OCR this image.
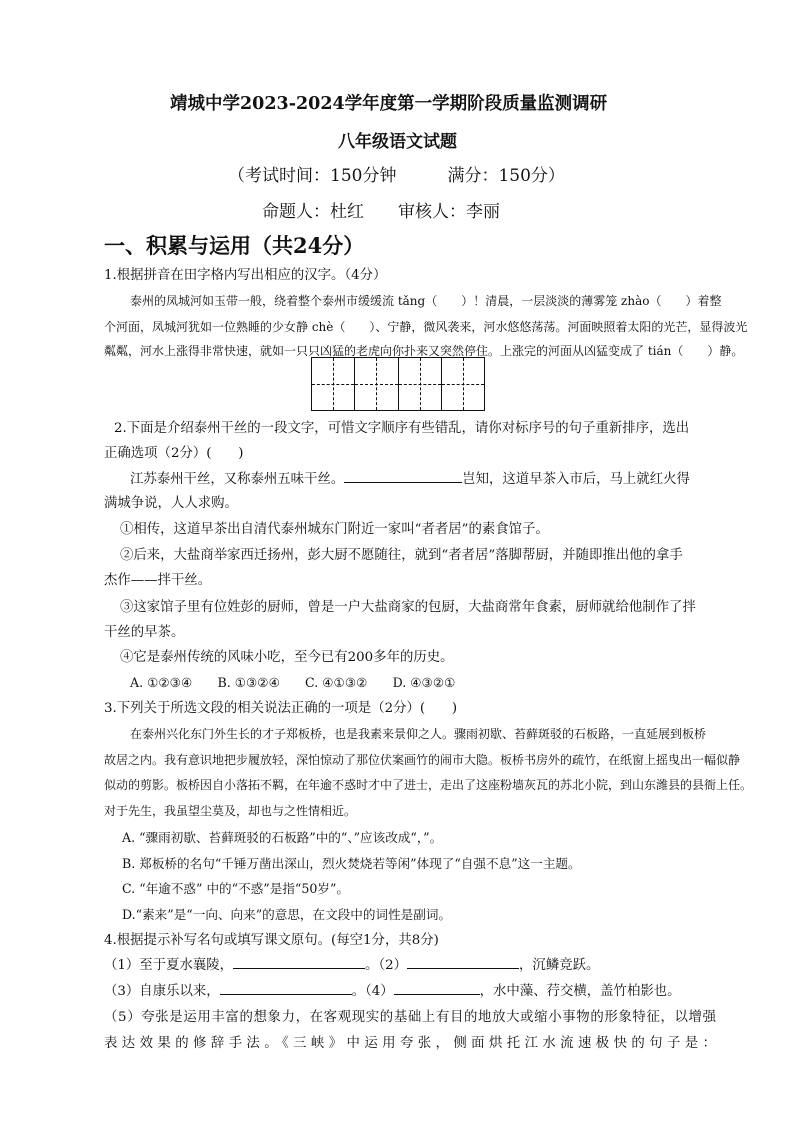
靖城中学2023-2024学年度第一学期阶段质量监测调研
八年级语文试题
（考试时间：150分钟　　　满分：150分）
命题人：杜红　　审核人：李丽
一、积累与运用（共24分）
1.根据拼音在田字格内写出相应的汉字。（4分）
泰州的凤城河如玉带一般，绕着整个泰州市缓缓流 tǎng（　　）！清晨，一层淡淡的薄雾笼 zhào（　　）着整
个河面，凤城河犹如一位熟睡的少女静 chè（　　）、宁静，微风袭来，河水悠悠荡荡。河面映照着太阳的光芒，显得波光
粼粼，河水上涨得非常快速，就如一只只凶猛的老虎向你扑来又突然停住。上涨完的河面从凶猛变成了 tián（　　）静。
2.下面是介绍泰州干丝的一段文字，可惜文字顺序有些错乱，请你对标序号的句子重新排序，选出
正确选项（2分）(　　)
江苏泰州干丝，又称泰州五味干丝。	岂知，这道早茶入市后，马上就红火得
满城争说，人人求购。
①相传，这道早茶出自清代泰州城东门附近一家叫“者者居”的素食馆子。
②后来，大盐商举家西迁扬州，彭大厨不愿随往，就到“者者居”落脚帮厨，并随即推出他的拿手
杰作——拌干丝。
③这家馆子里有位姓彭的厨师，曾是一户大盐商家的包厨，大盐商常年食素，厨师就给他制作了拌
干丝的早茶。
④它是泰州传统的风味小吃，至今已有200多年的历史。
A. ①②③④　　B. ①③②④　　C. ④①③②　　D. ④③②①
3.下列关于所选文段的相关说法正确的一项是（2分）(　　)
在泰州兴化东门外生长的才子郑板桥，也是我素来景仰之人。骤雨初歇、苔藓斑驳的石板路，一直延展到板桥
故居之内。我有意识地把步履放轻，深怕惊动了那位伏案画竹的闹市大隐。板桥书房外的疏竹，在纸窗上摇曳出一幅似静
似动的剪影。板桥因自小落拓不羁，在年逾不惑时才中了进士，走出了这座粉墙灰瓦的苏北小院，到山东潍县的县衙上任。
对于先生，我虽望尘莫及，却也与之性情相近。
A. “骤雨初歇、苔藓斑驳的石板路”中的“、”应该改成“，”。
B. 郑板桥的名句“千锤万凿出深山，烈火焚烧若等闲”体现了“自强不息”这一主题。
C. “年逾不惑” 中的“不惑”是指“50岁”。
D.“素来”是“一向、向来”的意思，在文段中的词性是副词。
4.根据提示补写名句或填写课文原句。(每空1分，共8分)
（1）至于夏水襄陵，	。（2）	，沉鳞竞跃。
（3）自康乐以来，	。（4）	，水中藻、荇交横，盖竹柏影也。
（5）夸张是运用丰富的想象力，在客观现实的基础上有目的地放大或缩小事物的形象特征，以增强
表达效果的修辞手法。《三峡》中运用夸张，侧面烘托江水流速极快的句子是：
